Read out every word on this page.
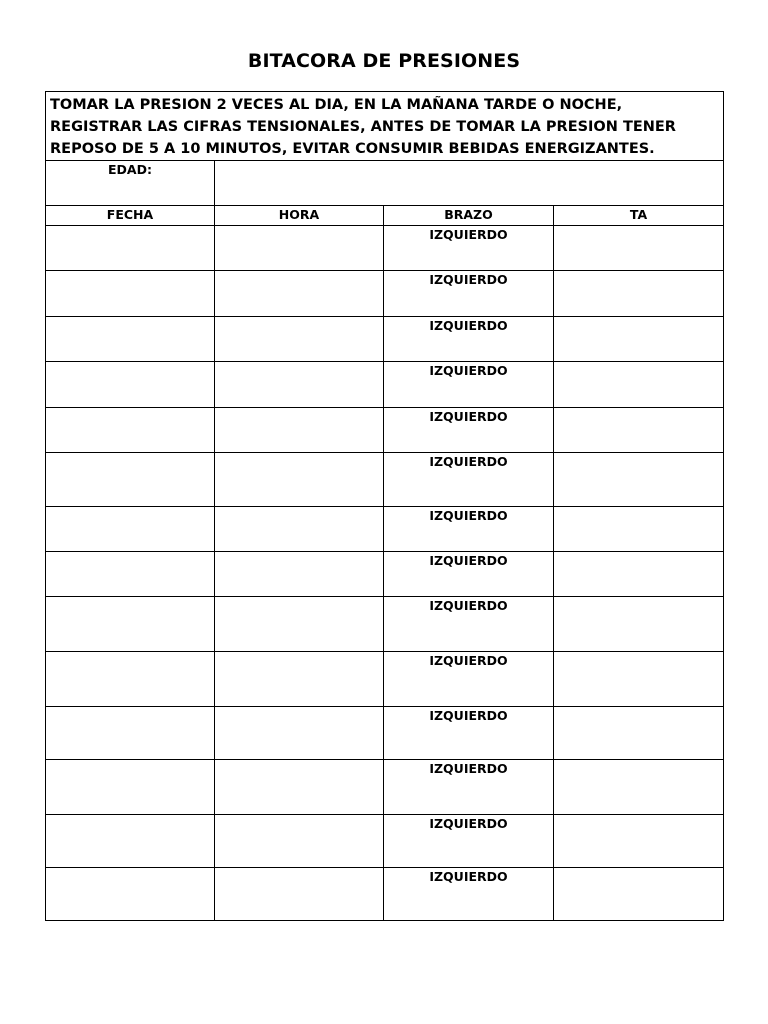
BITACORA DE PRESIONES
TOMAR LA PRESION 2 VECES AL DIA, EN LA MAÑANA TARDE O NOCHE, REGISTRAR LAS CIFRAS TENSIONALES, ANTES DE TOMAR LA PRESION TENER REPOSO DE 5 A 10 MINUTOS, EVITAR CONSUMIR BEBIDAS ENERGIZANTES.			
EDAD:			
FECHA	HORA	BRAZO	TA
		IZQUIERDO	
		IZQUIERDO	
		IZQUIERDO	
		IZQUIERDO	
		IZQUIERDO	
		IZQUIERDO	
		IZQUIERDO	
		IZQUIERDO	
		IZQUIERDO	
		IZQUIERDO	
		IZQUIERDO	
		IZQUIERDO	
		IZQUIERDO	
		IZQUIERDO	
